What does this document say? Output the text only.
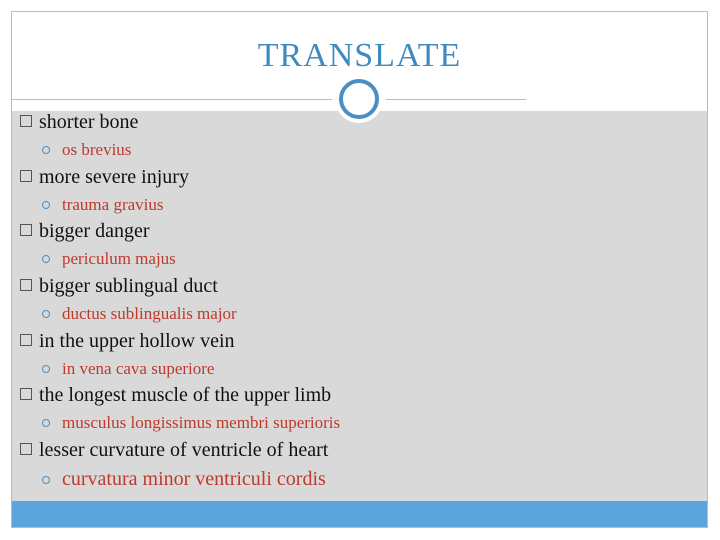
TRANSLATE
shorter bone
os brevius
more severe injury
trauma gravius
bigger danger
periculum majus
bigger sublingual duct
ductus sublingualis major
in the upper hollow vein
in vena cava superiore
the longest muscle of the upper limb
musculus longissimus membri superioris
lesser curvature of ventricle of heart
curvatura minor ventriculi cordis
